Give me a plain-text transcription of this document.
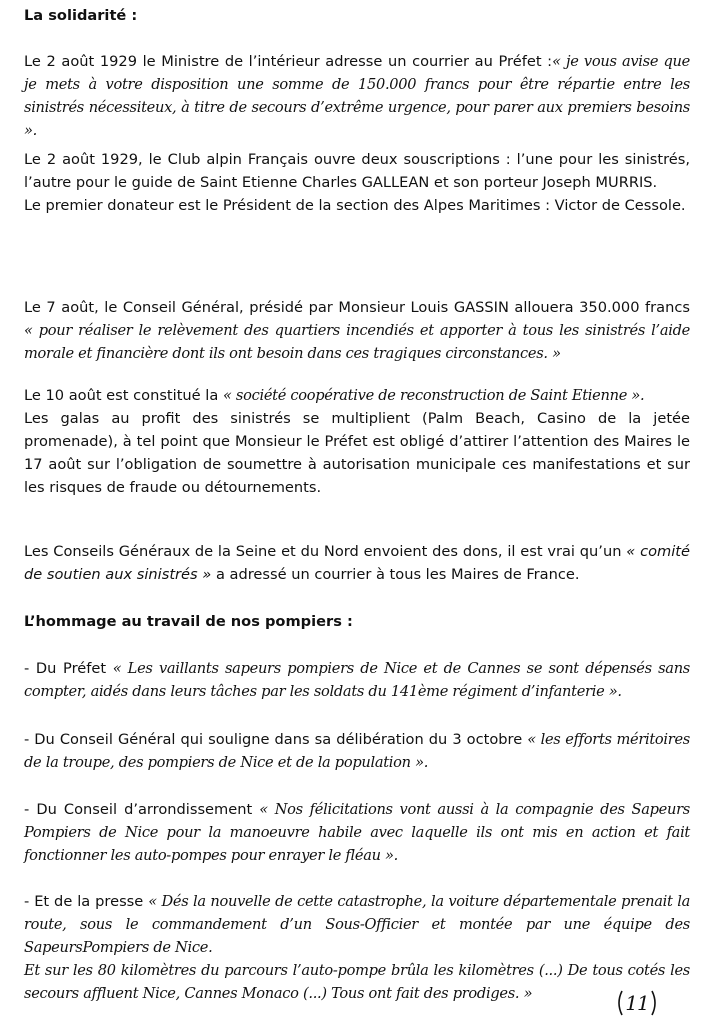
La solidarité :
Le 2 août 1929 le Ministre de l’intérieur adresse un courrier au Préfet :« je vous avise que je mets à votre disposition une somme de 150.000 francs pour être répartie entre les sinistrés nécessiteux, à titre de secours d’extrême urgence, pour parer aux premiers besoins ».
Le 2 août 1929, le Club alpin Français ouvre deux souscriptions : l’une pour les sinistrés, l’autre pour le guide de Saint Etienne Charles GALLEAN et son porteur Joseph MURRIS.
Le premier donateur est le Président de la section des Alpes Maritimes : Victor de Cessole.
Le 7 août, le Conseil Général, présidé par Monsieur Louis GASSIN allouera 350.000 francs « pour réaliser le relèvement des quartiers incendiés et apporter à tous les sinistrés l’aide morale et financière dont ils ont besoin dans ces tragiques circonstances. »
Le 10 août est constitué la « société coopérative de reconstruction de Saint Etienne ».
Les galas au profit des sinistrés se multiplient (Palm Beach, Casino de la jetée promenade), à tel point que Monsieur le Préfet est obligé d’attirer l’attention des Maires le 17 août sur l’obligation de soumettre à autorisation municipale ces manifestations et sur les risques de fraude ou détournements.
Les Conseils Généraux de la Seine et du Nord envoient des dons, il est vrai qu’un « comité de soutien aux sinistrés » a adressé un courrier à tous les Maires de France.
L’hommage au travail de nos pompiers :
- Du Préfet « Les vaillants sapeurs pompiers de Nice et de Cannes se sont dépensés sans compter, aidés dans leurs tâches par les soldats du 141ème régiment d’infanterie ».
- Du Conseil Général qui souligne dans sa délibération du 3 octobre « les efforts méritoires de la troupe, des pompiers de Nice et de la population ».
- Du Conseil d’arrondissement « Nos félicitations vont aussi à la compagnie des Sapeurs Pompiers de Nice pour la manoeuvre habile avec laquelle ils ont mis en action et fait fonctionner les auto-pompes pour enrayer le fléau ».
- Et de la presse « Dés la nouvelle de cette catastrophe, la voiture départementale prenait la route, sous le commandement d’un Sous-Officier et montée par une équipe des SapeursPompiers de Nice.
Et sur les 80 kilomètres du parcours l’auto-pompe brûla les kilomètres (...) De tous cotés les secours affluent Nice, Cannes Monaco (...) Tous ont fait des prodiges. »	11
